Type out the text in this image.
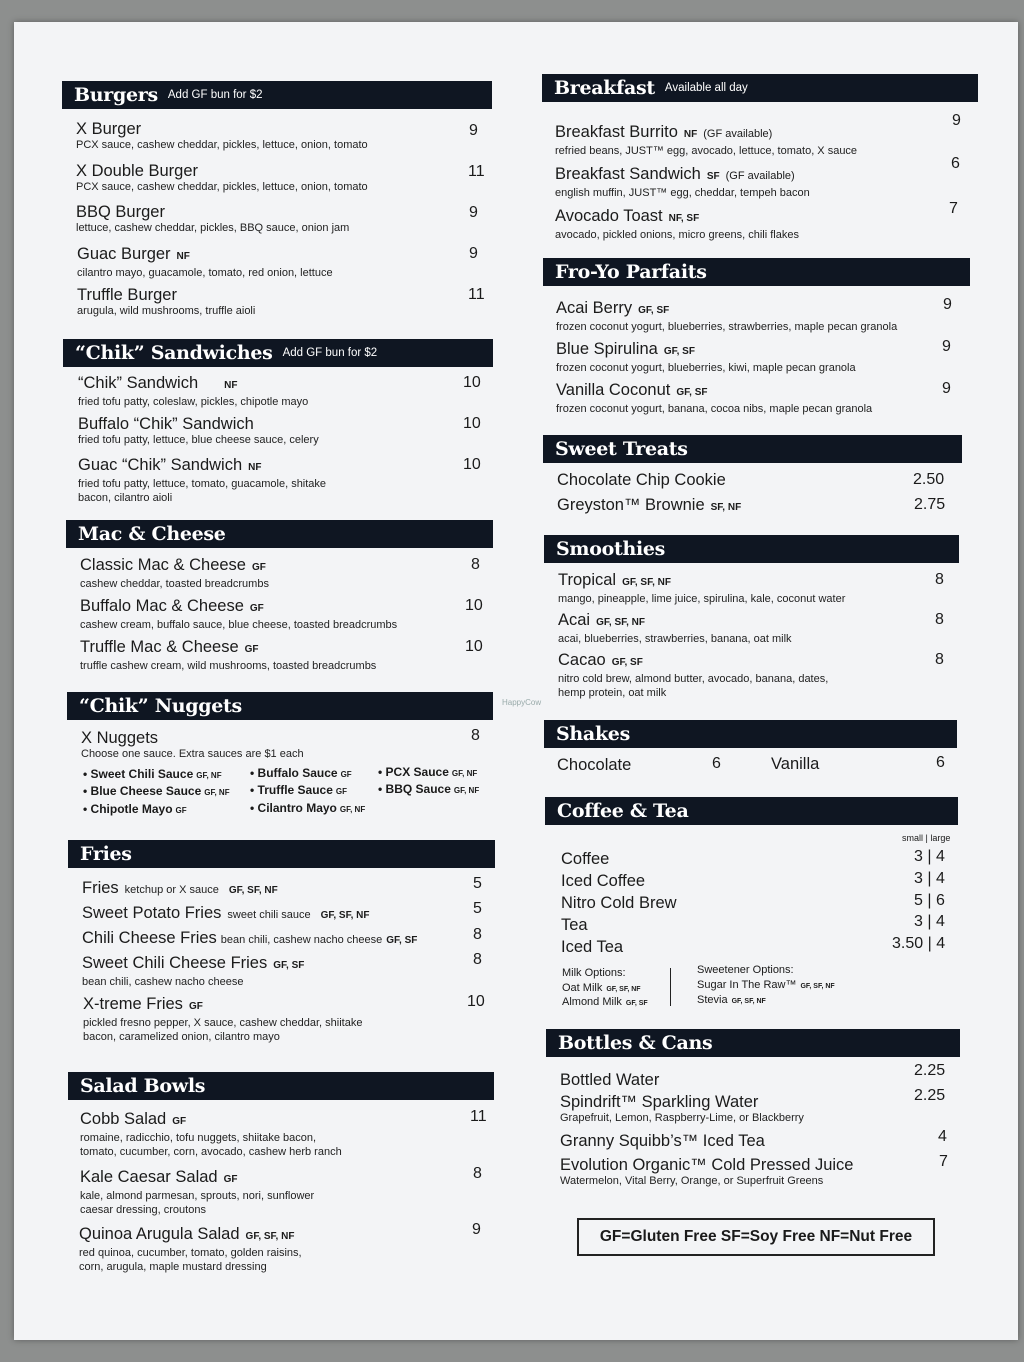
Burgers Add GF bun for $2
X Burger
PCX sauce, cashew cheddar, pickles, lettuce, onion, tomato
9
X Double Burger
PCX sauce, cashew cheddar, pickles, lettuce, onion, tomato
11
BBQ Burger
lettuce, cashew cheddar, pickles, BBQ sauce, onion jam
9
Guac Burger NF
cilantro mayo, guacamole, tomato, red onion, lettuce
9
Truffle Burger
arugula, wild mushrooms, truffle aioli
11
“Chik” Sandwiches Add GF bun for $2
“Chik” Sandwich	NF
fried tofu patty, coleslaw, pickles, chipotle mayo
10
Buffalo “Chik” Sandwich
fried tofu patty, lettuce, blue cheese sauce, celery
10
Guac “Chik” Sandwich NF
fried tofu patty, lettuce, tomato, guacamole, shitake
bacon, cilantro aioli
10
Mac & Cheese
Classic Mac & Cheese GF
cashew cheddar, toasted breadcrumbs
8
Buffalo Mac & Cheese GF
cashew cream, buffalo sauce, blue cheese, toasted breadcrumbs
10
Truffle Mac & Cheese GF
truffle cashew cream, wild mushrooms, toasted breadcrumbs
10
“Chik” Nuggets
X Nuggets
Choose one sauce. Extra sauces are $1 each
8
• Sweet Chili Sauce GF, NF • Buffalo Sauce GF • PCX Sauce GF, NF
• Blue Cheese Sauce GF, NF • Truffle Sauce GF	• BBQ Sauce GF, NF
• Chipotle Mayo GF	• Cilantro Mayo GF, NF
Fries
Fries ketchup or X sauce GF, SF, NF	5
Sweet Potato Fries sweet chili sauce GF, SF, NF	5
Chili Cheese Fries bean chili, cashew nacho cheese GF, SF	8
Sweet Chili Cheese Fries GF, SF
bean chili, cashew nacho cheese
8
X-treme Fries GF
pickled fresno pepper, X sauce, cashew cheddar, shiitake
bacon, caramelized onion, cilantro mayo
10
Salad Bowls
Cobb Salad GF
romaine, radicchio, tofu nuggets, shiitake bacon,
tomato, cucumber, corn, avocado, cashew herb ranch
11
Kale Caesar Salad GF
kale, almond parmesan, sprouts, nori, sunflower
caesar dressing, croutons
8
Quinoa Arugula Salad GF, SF, NF
red quinoa, cucumber, tomato, golden raisins,
corn, arugula, maple mustard dressing
9
Breakfast Available all day
Breakfast Burrito NF (GF available)
refried beans, JUST™ egg, avocado, lettuce, tomato, X sauce
9
Breakfast Sandwich SF (GF available)
english muffin, JUST™ egg, cheddar, tempeh bacon
6
Avocado Toast NF, SF
avocado, pickled onions, micro greens, chili flakes
7
Fro-Yo Parfaits
Acai Berry GF, SF
frozen coconut yogurt, blueberries, strawberries, maple pecan granola
9
Blue Spirulina GF, SF
frozen coconut yogurt, blueberries, kiwi, maple pecan granola
9
Vanilla Coconut GF, SF
frozen coconut yogurt, banana, cocoa nibs, maple pecan granola
9
Sweet Treats
Chocolate Chip Cookie	2.50
Greyston™ Brownie SF, NF	2.75
Smoothies
Tropical GF, SF, NF
mango, pineapple, lime juice, spirulina, kale, coconut water
8
Acai GF, SF, NF
acai, blueberries, strawberries, banana, oat milk
8
Cacao GF, SF
nitro cold brew, almond butter, avocado, banana, dates,
hemp protein, oat milk
8
Shakes
Chocolate	6	Vanilla	6
Coffee & Tea
small | large
Coffee	3 | 4
Iced Coffee	3 | 4
Nitro Cold Brew	5 | 6
Tea	3 | 4
Iced Tea	3.50 | 4
Milk Options:
Oat Milk GF, SF, NF
Almond Milk GF, SF
Sweetener Options:
Sugar In The Raw™ GF, SF, NF
Stevia GF, SF, NF
Bottles & Cans
Bottled Water
2.25
Spindrift™ Sparkling Water
Grapefruit, Lemon, Raspberry-Lime, or Blackberry
2.25
Granny Squibb’s™ Iced Tea	4
Evolution Organic™ Cold Pressed Juice
Watermelon, Vital Berry, Orange, or Superfruit Greens
7
GF=Gluten Free SF=Soy Free NF=Nut Free
HappyCow
